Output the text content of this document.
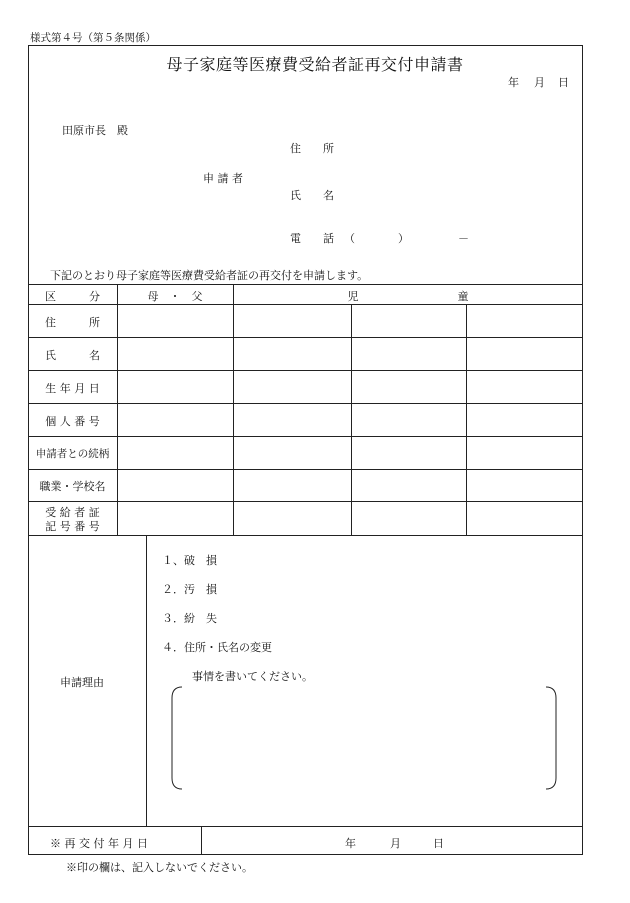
様式第４号（第５条関係）
母子家庭等医療費受給者証再交付申請書
年 月 日
田原市長　殿
住　　所
申 請 者
氏　　名
電　　話 （	）	－
下記のとおり母子家庭等医療費受給者証の再交付を申請します。
区　　　分	母　・　父	児　　　　　　　　　童
住　　　所
氏　　　名
生 年 月 日
個 人 番 号
申請者との続柄
職業・学校名
受 給 者 証
記 号 番 号
申請理由
１、破　損
２．汚　損
３．紛　失
４．住所・氏名の変更
事情を書いてください。
※ 再 交 付 年 月 日	年	月	日
※印の欄は、記入しないでください。
